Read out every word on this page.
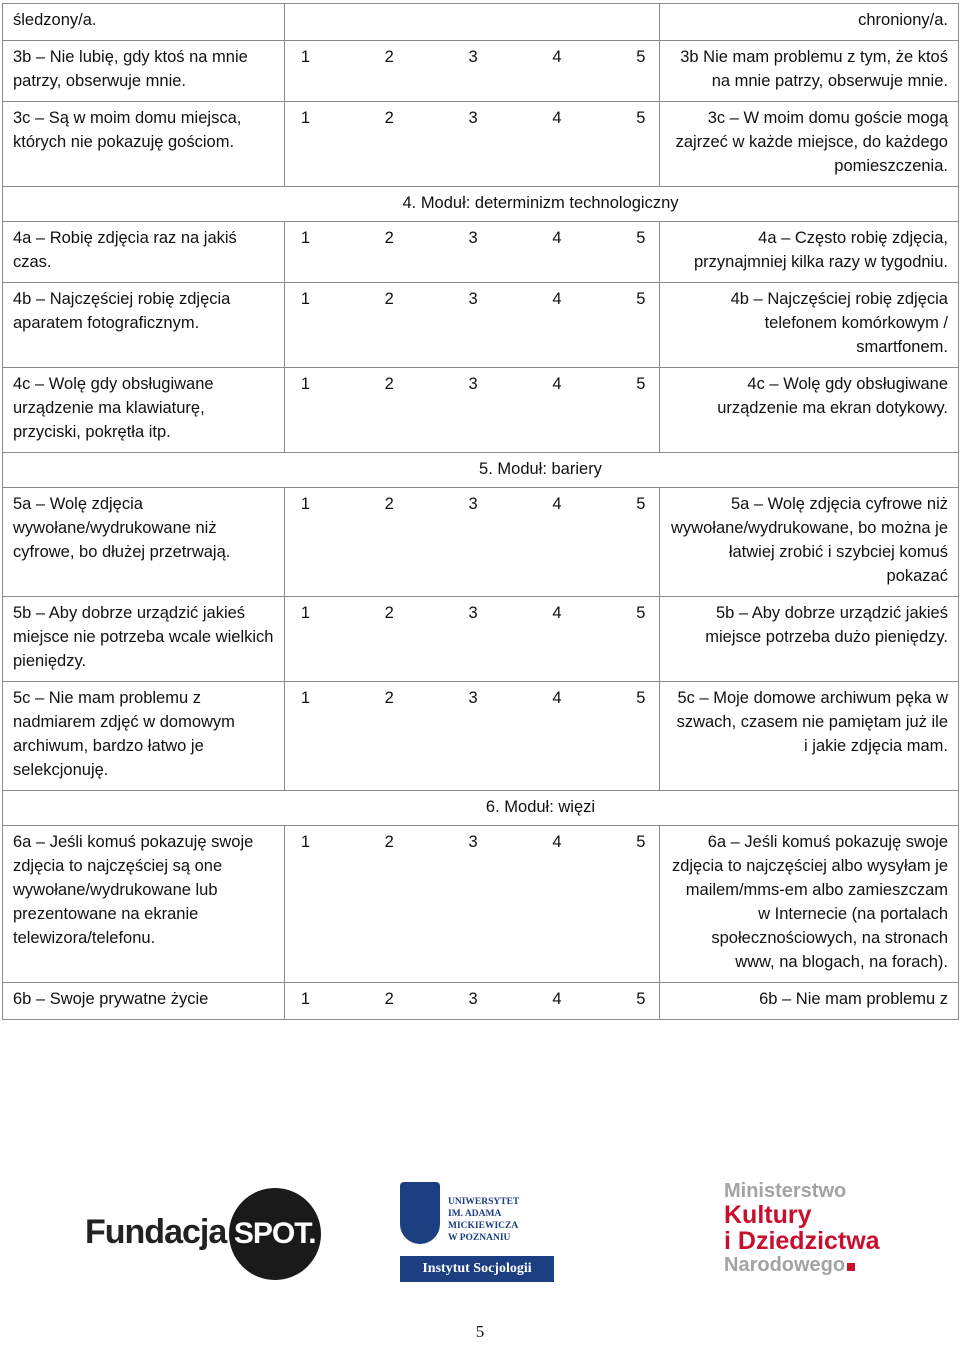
śledzony/a.		chroniony/a.
3b – Nie lubię, gdy ktoś na mnie patrzy, obserwuje mnie.	1 2 3 4 5	3b Nie mam problemu z tym, że ktoś na mnie patrzy, obserwuje mnie.
3c – Są w moim domu miejsca, których nie pokazuję gościom.	1 2 3 4 5	3c – W moim domu goście mogą zajrzeć w każde miejsce, do każdego pomieszczenia.
4. Moduł: determinizm technologiczny		
4a – Robię zdjęcia raz na jakiś czas.	1 2 3 4 5	4a – Często robię zdjęcia, przynajmniej kilka razy w tygodniu.
4b – Najczęściej robię zdjęcia aparatem fotograficznym.	1 2 3 4 5	4b – Najczęściej robię zdjęcia telefonem komórkowym / smartfonem.
4c – Wolę gdy obsługiwane urządzenie ma klawiaturę, przyciski, pokrętła itp.	1 2 3 4 5	4c – Wolę gdy obsługiwane urządzenie ma ekran dotykowy.
5. Moduł: bariery		
5a – Wolę zdjęcia wywołane/wydrukowane niż cyfrowe, bo dłużej przetrwają.	1 2 3 4 5	5a – Wolę zdjęcia cyfrowe niż wywołane/wydrukowane, bo można je łatwiej zrobić i szybciej komuś pokazać
5b – Aby dobrze urządzić jakieś miejsce nie potrzeba wcale wielkich pieniędzy.	1 2 3 4 5	5b – Aby dobrze urządzić jakieś miejsce potrzeba dużo pieniędzy.
5c – Nie mam problemu z nadmiarem zdjęć w domowym archiwum, bardzo łatwo je selekcjonuję.	1 2 3 4 5	5c – Moje domowe archiwum pęka w szwach, czasem nie pamiętam już ile i jakie zdjęcia mam.
6. Moduł: więzi		
6a – Jeśli komuś pokazuję swoje zdjęcia to najczęściej są one wywołane/wydrukowane lub prezentowane na ekranie telewizora/telefonu.	1 2 3 4 5	6a – Jeśli komuś pokazuję swoje zdjęcia to najczęściej albo wysyłam je mailem/mms-em albo zamieszczam w Internecie (na portalach społecznościowych, na stronach www, na blogach, na forach).
6b – Swoje prywatne życie	1 2 3 4 5	6b – Nie mam problemu z
Fundacja SPOT.
UNIWERSYTET
IM. ADAMA MICKIEWICZA
W POZNANIU
Instytut Socjologii
Ministerstwo
Kultury
i Dziedzictwa
Narodowego
5
